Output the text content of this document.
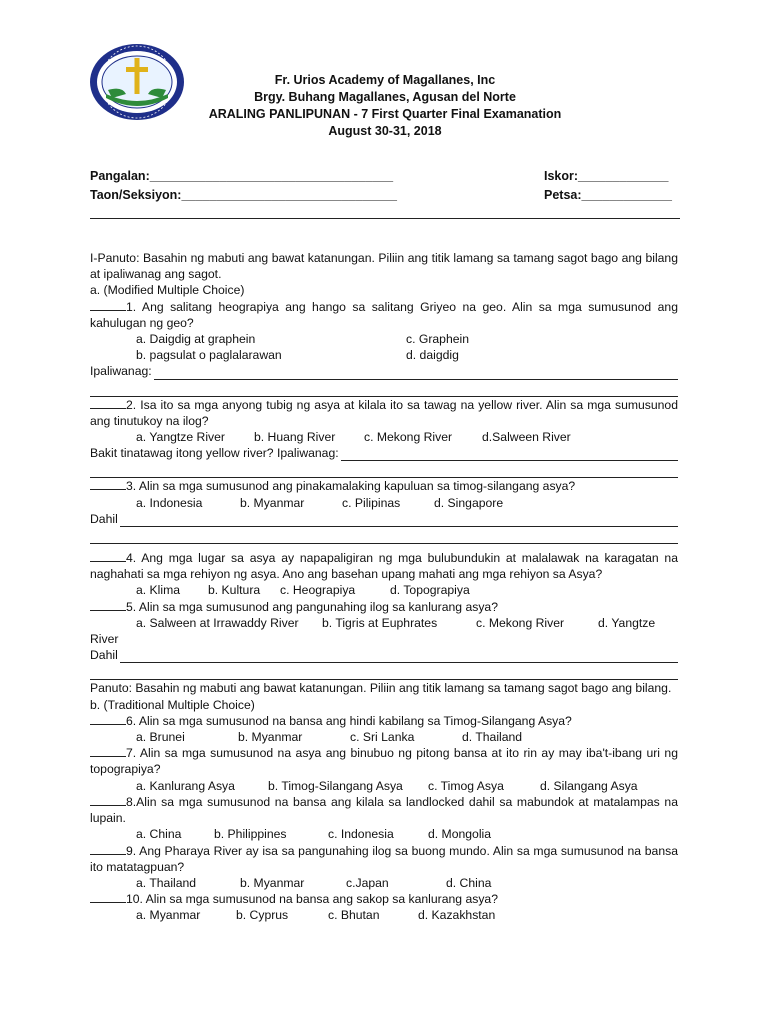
Fr. Urios Academy of Magallanes, Inc
Brgy. Buhang Magallanes, Agusan del Norte
ARALING PANLIPUNAN - 7 First Quarter Final Examanation
August 30-31, 2018
Pangalan:___________________________________	Iskor:_____________
Taon/Seksiyon:_______________________________	Petsa:_____________

I-Panuto: Basahin ng mabuti ang bawat katanungan. Piliin ang titik lamang sa tamang sagot bago ang bilang at ipaliwanag ang sagot.

a. (Modified Multiple Choice)

1. Ang salitang heograpiya ang hango sa salitang Griyeo na geo. Alin sa mga sumusunod ang kahulugan ng geo?

a. Daigdig at graphein	c. Graphein
b. pagsulat o paglalarawan	d. daigdig
Ipaliwanag:

2. Isa ito sa mga anyong tubig ng asya at kilala ito sa tawag na yellow river. Alin sa mga sumusunod ang tinutukoy na ilog?

a. Yangtze River	b. Huang River	c. Mekong River	d.Salween River
Bakit tinatawag itong yellow river? Ipaliwanag:

3. Alin sa mga sumusunod ang pinakamalaking kapuluan sa timog-silangang asya?

a. Indonesia	b. Myanmar	c. Pilipinas	d. Singapore
Dahil

4. Ang mga lugar sa asya ay napapaligiran ng mga bulubundukin at malalawak na karagatan na naghahati sa mga rehiyon ng asya. Ano ang basehan upang mahati ang mga rehiyon sa Asya?

a. Klima	b. Kultura	c. Heograpiya	d. Topograpiya

5. Alin sa mga sumusunod ang pangunahing ilog sa kanlurang asya?

a. Salween at Irrawaddy River	b. Tigris at Euphrates	c. Mekong River	d. Yangtze

River

Dahil

Panuto: Basahin ng mabuti ang bawat katanungan. Piliin ang titik lamang sa tamang sagot bago ang bilang.

b. (Traditional Multiple Choice)

6. Alin sa mga sumusunod na bansa ang hindi kabilang sa Timog-Silangang Asya?

a. Brunei	b. Myanmar	c. Sri Lanka	d. Thailand

7. Alin sa mga sumusunod na asya ang binubuo ng pitong bansa at ito rin ay may iba't-ibang uri ng topograpiya?

a. Kanlurang Asya	b. Timog-Silangang Asya	c. Timog Asya	d. Silangang Asya

8.Alin sa mga sumusunod na bansa ang kilala sa landlocked dahil sa mabundok at matalampas na lupain.

a. China	b. Philippines	c. Indonesia	d. Mongolia

9. Ang Pharaya River ay isa sa pangunahing ilog sa buong mundo. Alin sa mga sumusunod na bansa ito matatagpuan?

a. Thailand	b. Myanmar	c.Japan	d. China

10. Alin sa mga sumusunod na bansa ang sakop sa kanlurang asya?

a. Myanmar	b. Cyprus	c. Bhutan	d. Kazakhstan
